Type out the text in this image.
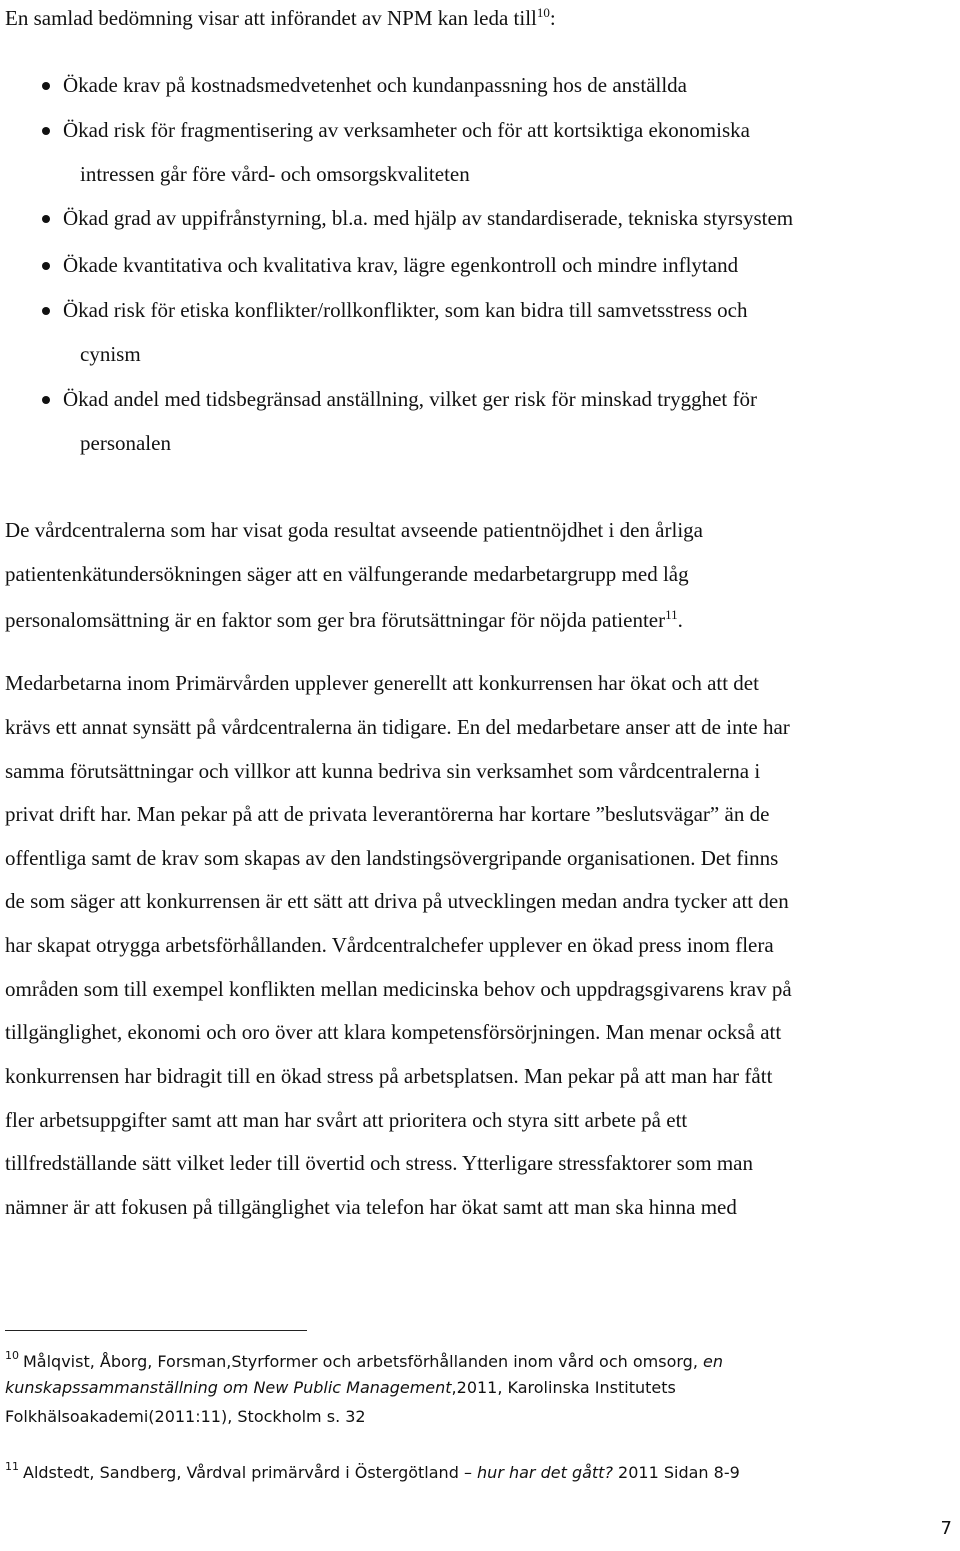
En samlad bedömning visar att införandet av NPM kan leda till$^{10}$:
Ökade krav på kostnadsmedvetenhet och kundanpassning hos de anställda
Ökad risk för fragmentisering av verksamheter och för att kortsiktiga ekonomiska
intressen går före vård- och omsorgskvaliteten
Ökad grad av uppifrånstyrning, bl.a. med hjälp av standardiserade, tekniska styrsystem
Ökade kvantitativa och kvalitativa krav, lägre egenkontroll och mindre inflytand
Ökad risk för etiska konflikter/rollkonflikter, som kan bidra till samvetsstress och
cynism
Ökad andel med tidsbegränsad anställning, vilket ger risk för minskad trygghet för
personalen
De vårdcentralerna som har visat goda resultat avseende patientnöjdhet i den årliga
patientenkätundersökningen säger att en välfungerande medarbetargrupp med låg
personalomsättning är en faktor som ger bra förutsättningar för nöjda patienter$^{11}$.
Medarbetarna inom Primärvården upplever generellt att konkurrensen har ökat och att det
krävs ett annat synsätt på vårdcentralerna än tidigare. En del medarbetare anser att de inte har
samma förutsättningar och villkor att kunna bedriva sin verksamhet som vårdcentralerna i
privat drift har. Man pekar på att de privata leverantörerna har kortare ”beslutsvägar” än de
offentliga samt de krav som skapas av den landstingsövergripande organisationen. Det finns
de som säger att konkurrensen är ett sätt att driva på utvecklingen medan andra tycker att den
har skapat otrygga arbetsförhållanden. Vårdcentralchefer upplever en ökad press inom flera
områden som till exempel konflikten mellan medicinska behov och uppdragsgivarens krav på
tillgänglighet, ekonomi och oro över att klara kompetensförsörjningen. Man menar också att
konkurrensen har bidragit till en ökad stress på arbetsplatsen. Man pekar på att man har fått
fler arbetsuppgifter samt att man har svårt att prioritera och styra sitt arbete på ett
tillfredställande sätt vilket leder till övertid och stress. Ytterligare stressfaktorer som man
nämner är att fokusen på tillgänglighet via telefon har ökat samt att man ska hinna med
$^{10}$ Målqvist, Åborg, Forsman,Styrformer och arbetsförhållanden inom vård och omsorg, en
kunskapssammanställning om New Public Management,2011, Karolinska Institutets
Folkhälsoakademi(2011:11), Stockholm s. 32
$^{11}$ Aldstedt, Sandberg, Vårdval primärvård i Östergötland – hur har det gått? 2011 Sidan 8-9
7
